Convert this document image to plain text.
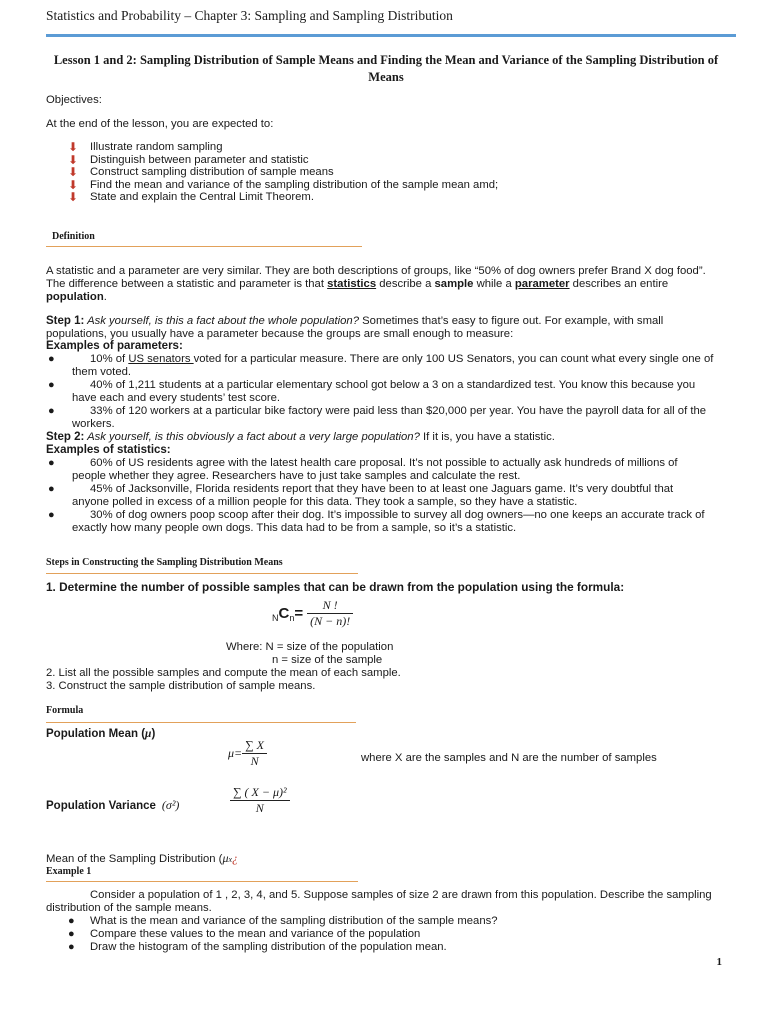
Statistics and Probability – Chapter 3: Sampling and Sampling Distribution
Lesson 1 and 2: Sampling Distribution of Sample Means and Finding the Mean and Variance of the Sampling Distribution of Means
Objectives:
At the end of the lesson, you are expected to:
⬇ Illustrate random sampling
⬇ Distinguish between parameter and statistic
⬇ Construct sampling distribution of sample means
⬇ Find the mean and variance of the sampling distribution of the sample mean amd;
⬇ State and explain the Central Limit Theorem.
Definition
A statistic and a parameter are very similar. They are both descriptions of groups, like “50% of dog owners prefer Brand X dog food”. The difference between a statistic and parameter is that statistics describe a sample while a parameter describes an entire population.
Step 1: Ask yourself, is this a fact about the whole population? Sometimes that’s easy to figure out. For example, with small populations, you usually have a parameter because the groups are small enough to measure:
Examples of parameters:
●	10% of US senators voted for a particular measure. There are only 100 US Senators, you can count what every single one of them voted.
●	40% of 1,211 students at a particular elementary school got below a 3 on a standardized test. You know this because you have each and every students’ test score.
●	33% of 120 workers at a particular bike factory were paid less than $20,000 per year. You have the payroll data for all of the workers.
Step 2: Ask yourself, is this obviously a fact about a very large population? If it is, you have a statistic.
Examples of statistics:
●	60% of US residents agree with the latest health care proposal. It’s not possible to actually ask hundreds of millions of people whether they agree. Researchers have to just take samples and calculate the rest.
●	45% of Jacksonville, Florida residents report that they have been to at least one Jaguars game. It’s very doubtful that anyone polled in excess of a million people for this data. They took a sample, so they have a statistic.
●	30% of dog owners poop scoop after their dog. It’s impossible to survey all dog owners—no one keeps an accurate track of exactly how many people own dogs. This data had to be from a sample, so it’s a statistic.
Steps in Constructing the Sampling Distribution Means
1. Determine the number of possible samples that can be drawn from the population using the formula:
N C $n = \frac{N !}{(N - n)!}$
Where: N = size of the population
n = size of the sample
2. List all the possible samples and compute the mean of each sample.
3. Construct the sample distribution of sample means.
Formula
Population Mean (μ)
$\mu= \frac{\sum X}{N}$	where X are the samples and N are the number of samples
Population Variance (σ²)	$\frac{\text{∑ ( X − μ)²}}{N}$
Mean of the Sampling Distribution ( μ x ¿
Example 1
Consider a population of 1 , 2, 3, 4, and 5. Suppose samples of size 2 are drawn from this population. Describe the sampling distribution of the sample means.
● What is the mean and variance of the sampling distribution of the sample means?
● Compare these values to the mean and variance of the population
● Draw the histogram of the sampling distribution of the population mean.
1
